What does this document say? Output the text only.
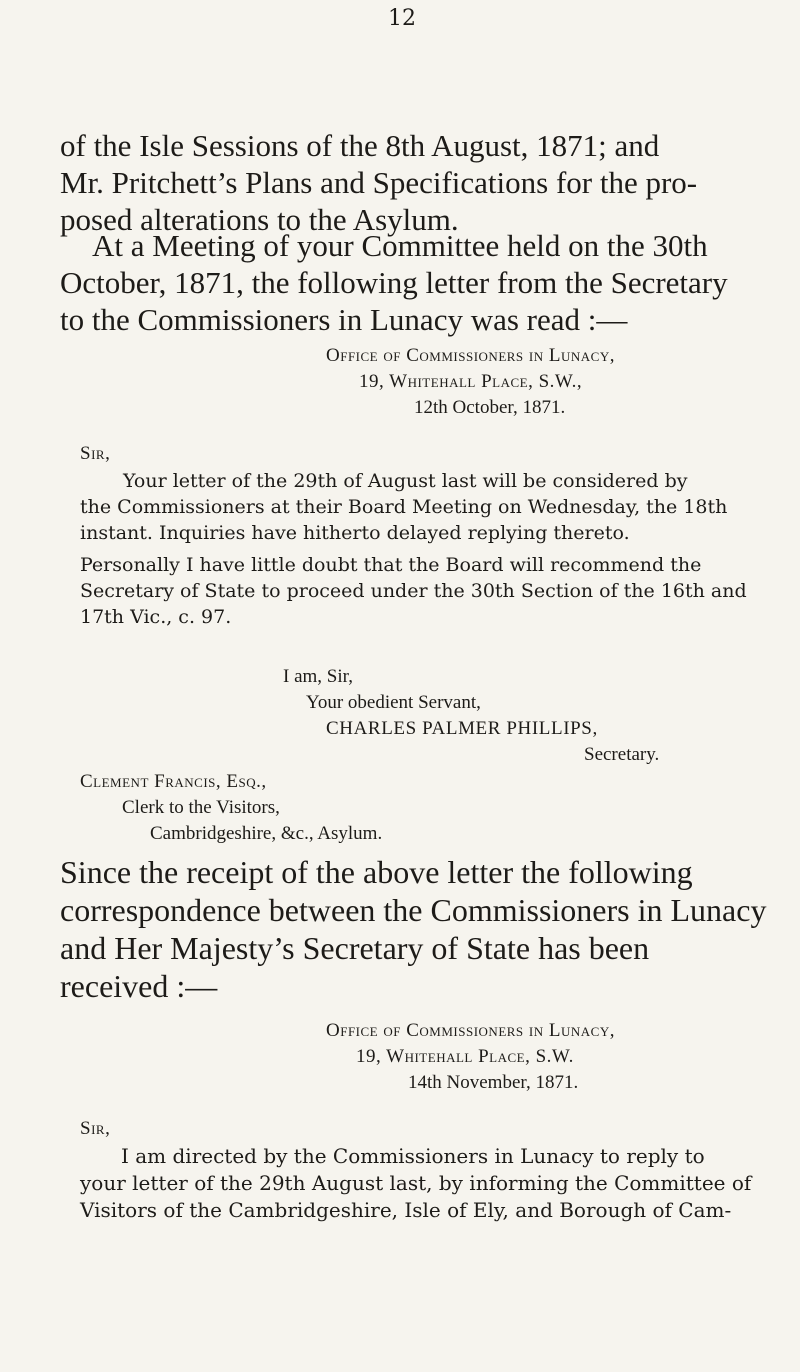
12

of the Isle Sessions of the 8th August, 1871; and
Mr. Pritchett’s Plans and Specifications for the pro-
posed alterations to the Asylum.

At a Meeting of your Committee held on the 30th
October, 1871, the following letter from the Secretary
to the Commissioners in Lunacy was read :—

Office of Commissioners in Lunacy,
19, Whitehall Place, S.W.,
12th October, 1871.
Sir,
Your letter of the 29th of August last will be considered by
the Commissioners at their Board Meeting on Wednesday, the 18th
instant. Inquiries have hitherto delayed replying thereto.
Personally I have little doubt that the Board will recommend the
Secretary of State to proceed under the 30th Section of the 16th and
17th Vic., c. 97.
I am, Sir,
Your obedient Servant,
CHARLES PALMER PHILLIPS,
Secretary.
Clement Francis, Esq.,
Clerk to the Visitors,
Cambridgeshire, &c., Asylum.

Since the receipt of the above letter the following
correspondence between the Commissioners in Lunacy
and Her Majesty’s Secretary of State has been
received :—

Office of Commissioners in Lunacy,
19, Whitehall Place, S.W.
14th November, 1871.
Sir,
I am directed by the Commissioners in Lunacy to reply to
your letter of the 29th August last, by informing the Committee of
Visitors of the Cambridgeshire, Isle of Ely, and Borough of Cam-
